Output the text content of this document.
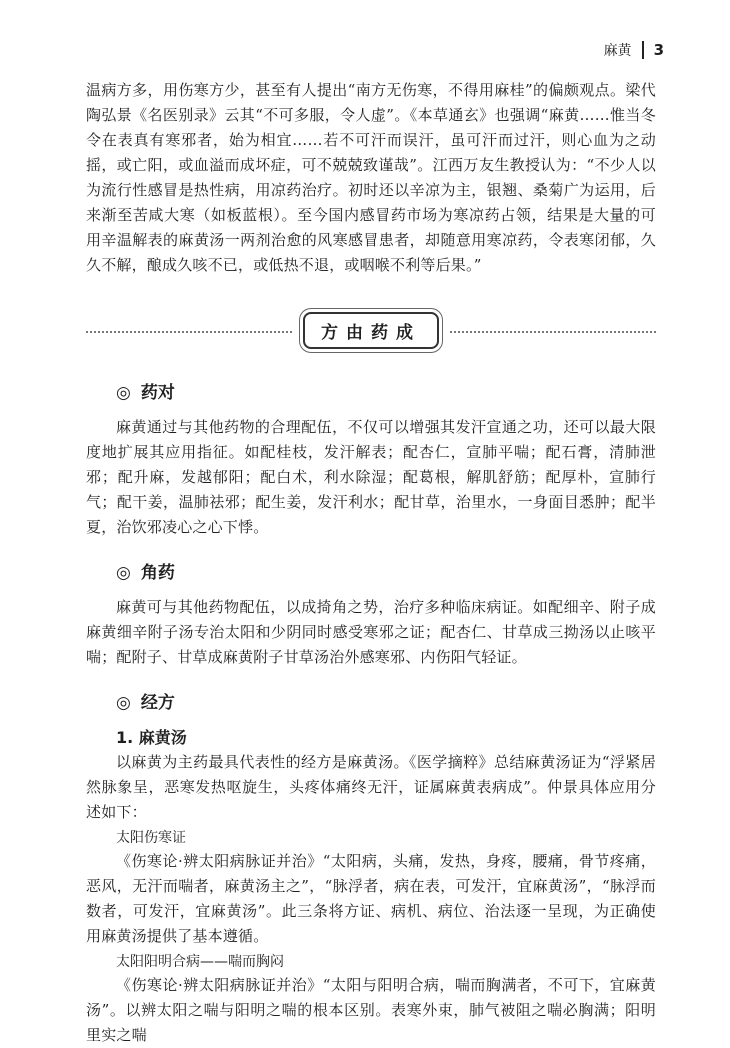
麻黄 3

温病方多，用伤寒方少，甚至有人提出“南方无伤寒，不得用麻桂”的偏颇观点。梁代陶弘景《名医别录》云其“不可多服，令人虚”。《本草通玄》也强调“麻黄……惟当冬令在表真有寒邪者，始为相宜……若不可汗而误汗，虽可汗而过汗，则心血为之动摇，或亡阳，或血溢而成坏症，可不兢兢致谨哉”。江西万友生教授认为：“不少人以为流行性感冒是热性病，用凉药治疗。初时还以辛凉为主，银翘、桑菊广为运用，后来渐至苦咸大寒（如板蓝根）。至今国内感冒药市场为寒凉药占领，结果是大量的可用辛温解表的麻黄汤一两剂治愈的风寒感冒患者，却随意用寒凉药，令表寒闭郁，久久不解，酿成久咳不已，或低热不退，或咽喉不利等后果。”

方由药成
◎ 药对

麻黄通过与其他药物的合理配伍，不仅可以增强其发汗宣通之功，还可以最大限度地扩展其应用指征。如配桂枝，发汗解表；配杏仁，宣肺平喘；配石膏，清肺泄邪；配升麻，发越郁阳；配白术，利水除湿；配葛根，解肌舒筋；配厚朴，宣肺行气；配干姜，温肺祛邪；配生姜，发汗利水；配甘草，治里水，一身面目悉肿；配半夏，治饮邪凌心之心下悸。

◎ 角药

麻黄可与其他药物配伍，以成掎角之势，治疗多种临床病证。如配细辛、附子成麻黄细辛附子汤专治太阳和少阴同时感受寒邪之证；配杏仁、甘草成三拗汤以止咳平喘；配附子、甘草成麻黄附子甘草汤治外感寒邪、内伤阳气轻证。

◎ 经方
1. 麻黄汤

以麻黄为主药最具代表性的经方是麻黄汤。《医学摘粹》总结麻黄汤证为“浮紧居然脉象呈，恶寒发热呕旋生，头疼体痛终无汗，证属麻黄表病成”。仲景具体应用分述如下：

太阳伤寒证

《伤寒论·辨太阳病脉证并治》“太阳病，头痛，发热，身疼，腰痛，骨节疼痛，恶风，无汗而喘者，麻黄汤主之”，“脉浮者，病在表，可发汗，宜麻黄汤”，“脉浮而数者，可发汗，宜麻黄汤”。此三条将方证、病机、病位、治法逐一呈现，为正确使用麻黄汤提供了基本遵循。

太阳阳明合病——喘而胸闷

《伤寒论·辨太阳病脉证并治》“太阳与阳明合病，喘而胸满者，不可下，宜麻黄汤”。以辨太阳之喘与阳明之喘的根本区别。表寒外束，肺气被阻之喘必胸满；阳明里实之喘
